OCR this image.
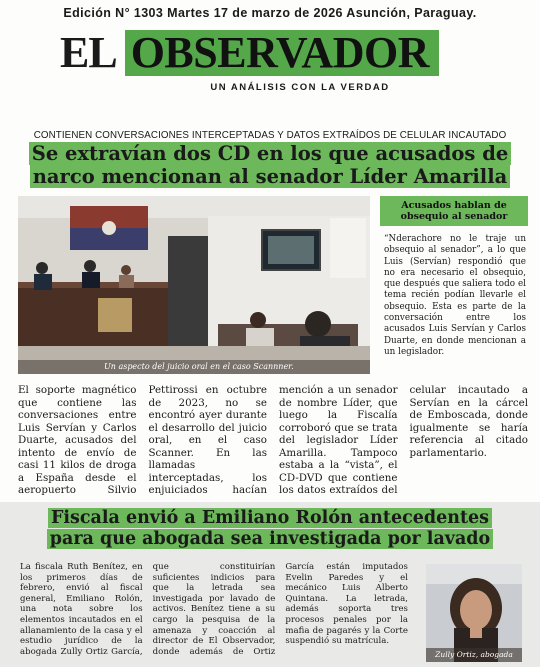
Edición N° 1303 Martes 17 de marzo de 2026 Asunción, Paraguay.
EL OBSERVADOR
UN ANÁLISIS CON LA VERDAD
CONTIENEN CONVERSACIONES INTERCEPTADAS Y DATOS EXTRAÍDOS DE CELULAR INCAUTADO
Se extravían dos CD en los que acusados de
narco mencionan al senador Líder Amarilla
Un aspecto del juicio oral en el caso Scannner.
Acusados hablan de obsequio al senador
“Nderachore no le traje un obsequio al senador”, a lo que Luis (Servían) respondió que no era necesario el obsequio, que después que saliera todo el tema recién podían llevarle el obsequio. Esta es parte de la conversación entre los acusados Luis Servían y Carlos Duarte, en donde mencionan a un legislador.
El soporte magnético que contiene las conversaciones entre Luis Servían y Carlos Duarte, acusados del intento de envío de casi 11 kilos de droga a España desde el aeropuerto Silvio Pettirossi en octubre de 2023, no se encontró ayer durante el desarrollo del juicio oral, en el caso Scanner. En las llamadas interceptadas, los enjuiciados hacían mención a un senador de nombre Líder, que luego la Fiscalía corroboró que se trata del legislador Líder Amarilla. Tampoco estaba a la “vista”, el CD-DVD que contiene los datos extraídos del celular incautado a Servían en la cárcel de Emboscada, donde igualmente se haría referencia al citado parlamentario.
Fiscala envió a Emiliano Rolón antecedentes
para que abogada sea investigada por lavado
La fiscala Ruth Benítez, en los primeros días de febrero, envió al fiscal general, Emiliano Rolón, una nota sobre los elementos incautados en el allanamiento de la casa y el estudio jurídico de la abogada Zully Ortiz García, que constituirían suficientes indicios para que la letrada sea investigada por lavado de activos. Benítez tiene a su cargo la pesquisa de la amenaza y coacción al director de El Observador, donde además de Ortiz García están imputados Evelin Paredes y el mecánico Luis Alberto Quintana. La letrada, además soporta tres procesos penales por la mafia de pagarés y la Corte suspendió su matrícula.
Zully Ortiz, abogada
